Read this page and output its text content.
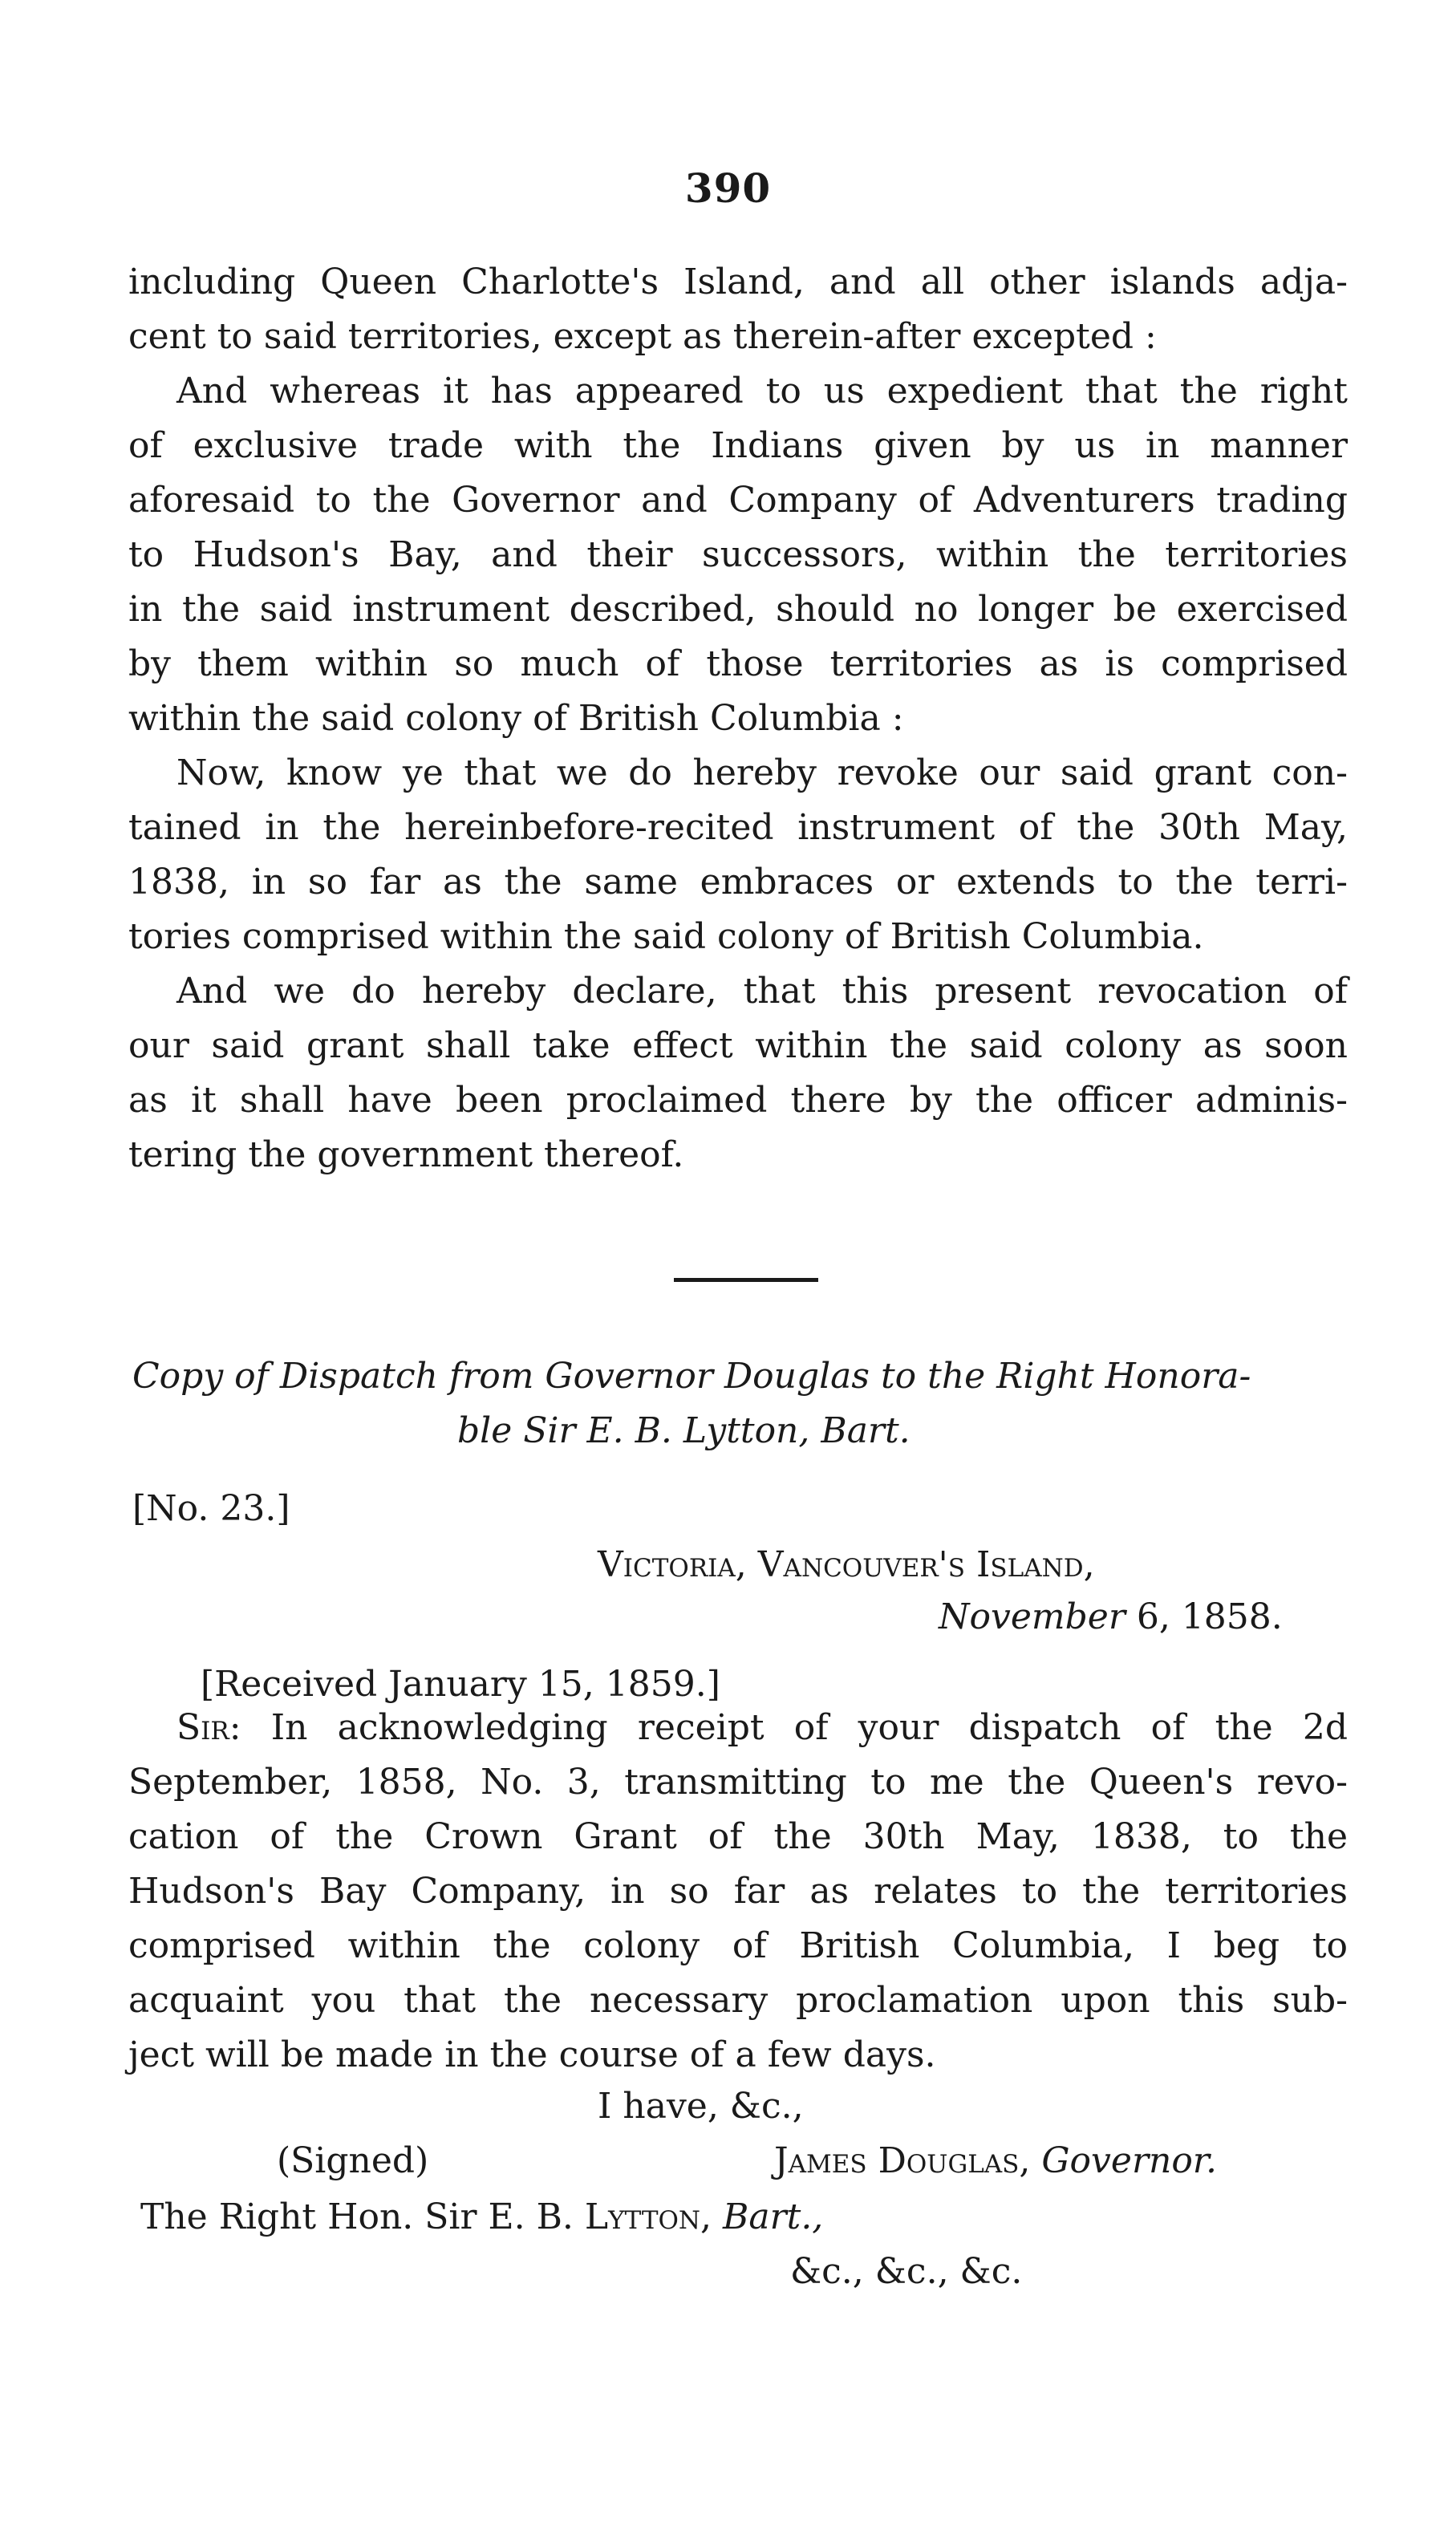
390
including Queen Charlotte's Island, and all other islands adja-
cent to said territories, except as therein-after excepted :
And whereas it has appeared to us expedient that the right
of exclusive trade with the Indians given by us in manner
aforesaid to the Governor and Company of Adventurers trading
to Hudson's Bay, and their successors, within the territories
in the said instrument described, should no longer be exercised
by them within so much of those territories as is comprised
within the said colony of British Columbia :
Now, know ye that we do hereby revoke our said grant con-
tained in the hereinbefore-recited instrument of the 30th May,
1838, in so far as the same embraces or extends to the terri-
tories comprised within the said colony of British Columbia.
And we do hereby declare, that this present revocation of
our said grant shall take effect within the said colony as soon
as it shall have been proclaimed there by the officer adminis-
tering the government thereof.
Copy of Dispatch from Governor Douglas to the Right Honora-
ble Sir E. B. Lytton, Bart.
[No. 23.]
Victoria, Vancouver's Island,
November 6, 1858.
[Received January 15, 1859.]
Sir: In acknowledging receipt of your dispatch of the 2d
September, 1858, No. 3, transmitting to me the Queen's revo-
cation of the Crown Grant of the 30th May, 1838, to the
Hudson's Bay Company, in so far as relates to the territories
comprised within the colony of British Columbia, I beg to
acquaint you that the necessary proclamation upon this sub-
ject will be made in the course of a few days.
I have, &c.,
(Signed)	James Douglas, Governor.
The Right Hon. Sir E. B. Lytton, Bart.,
&c., &c., &c.
